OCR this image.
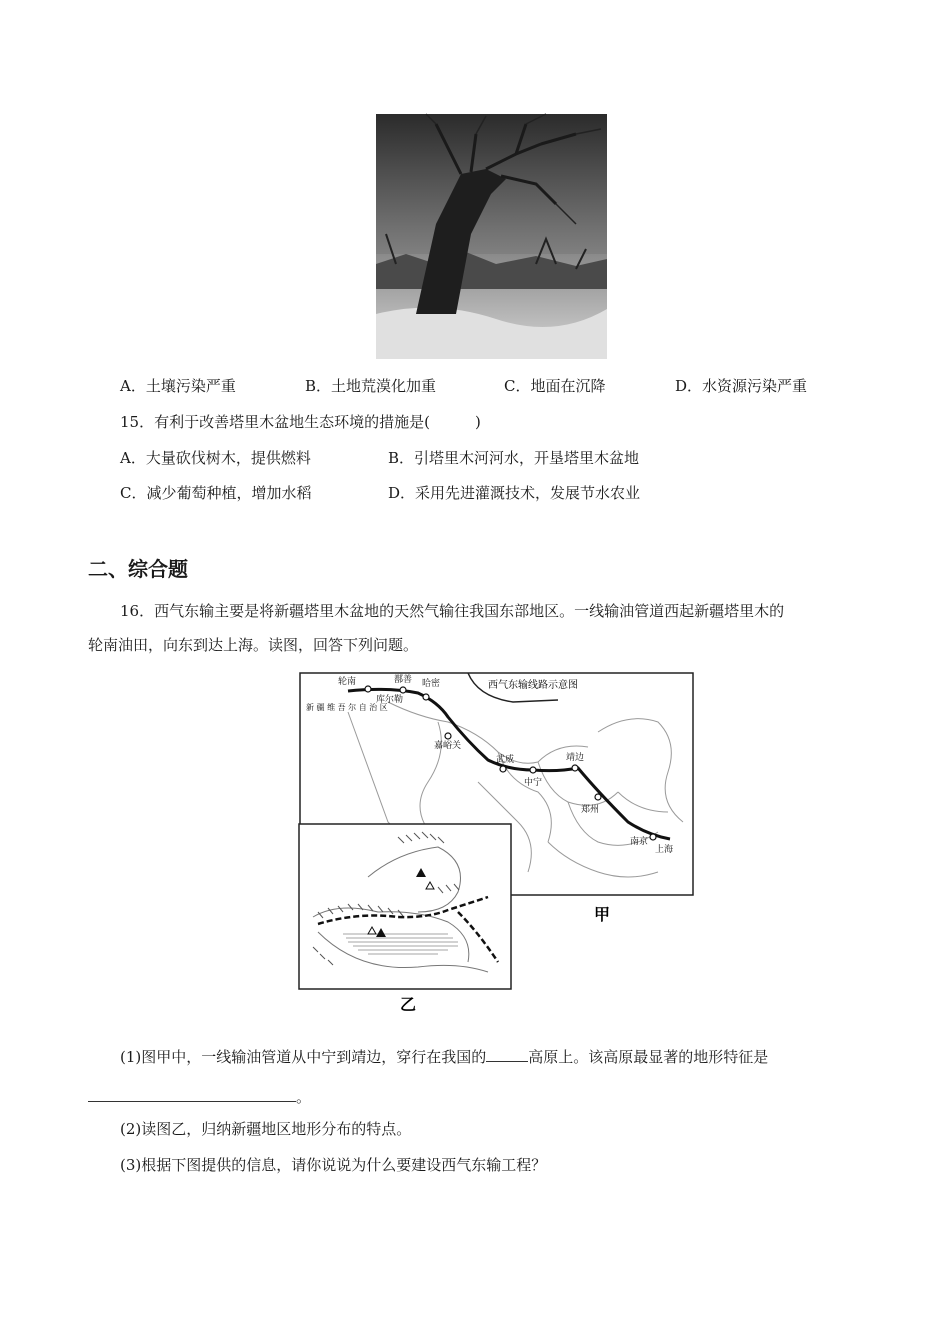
A．土壤污染严重	B．土地荒漠化加重	C．地面在沉降	D．水资源污染严重
15．有利于改善塔里木盆地生态环境的措施是(　　　)
A．大量砍伐树木，提供燃料	B．引塔里木河河水，开垦塔里木盆地
C．减少葡萄种植，增加水稻	D．采用先进灌溉技术，发展节水农业
二、综合题
16．西气东输主要是将新疆塔里木盆地的天然气输往我国东部地区。一线输油管道西起新疆塔里木的
轮南油田，向东到达上海。读图，回答下列问题。
西气东输线路示意图
轮南	鄯善 哈密
库尔勒
新 疆 维 吾 尔 自 治 区
嘉峪关
武威
中宁
靖边
郑州
南京
上海
甲
乙
(1)图甲中，一线输油管道从中宁到靖边，穿行在我国的	高原上。该高原最显著的地形特征是
。
(2)读图乙，归纳新疆地区地形分布的特点。
(3)根据下图提供的信息，请你说说为什么要建设西气东输工程？
